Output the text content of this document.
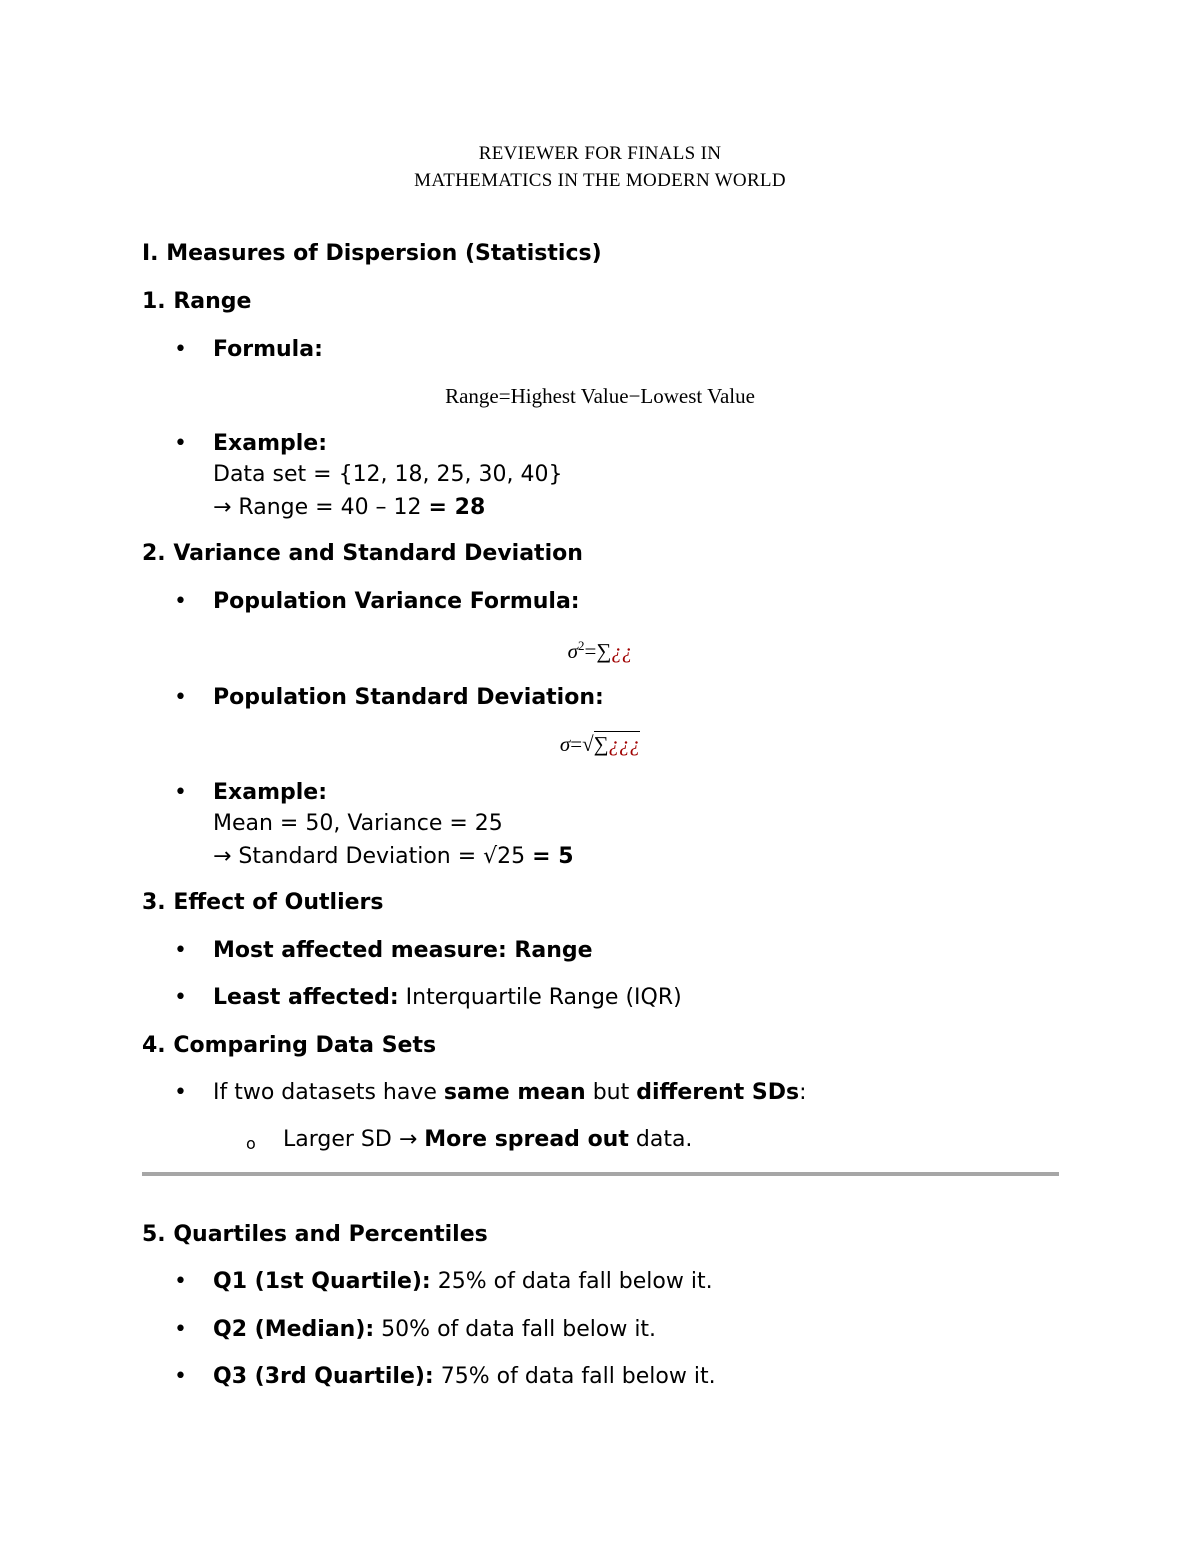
REVIEWER FOR FINALS IN
MATHEMATICS IN THE MODERN WORLD
I. Measures of Dispersion (Statistics)
1. Range
• Formula:
Range=Highest Value−Lowest Value
• Example:
Data set = {12, 18, 25, 30, 40}
→ Range = 40 – 12 = 28
2. Variance and Standard Deviation
• Population Variance Formula:
$\sigma^2=\sum¿¿$
• Population Standard Deviation:
σ=√∑¿¿¿
• Example:
Mean = 50, Variance = 25
→ Standard Deviation = √25 = 5
3. Effect of Outliers
• Most affected measure: Range
• Least affected: Interquartile Range (IQR)
4. Comparing Data Sets
• If two datasets have same mean but different SDs:
o Larger SD → More spread out data.
5. Quartiles and Percentiles
• Q1 (1st Quartile): 25% of data fall below it.
• Q2 (Median): 50% of data fall below it.
• Q3 (3rd Quartile): 75% of data fall below it.
